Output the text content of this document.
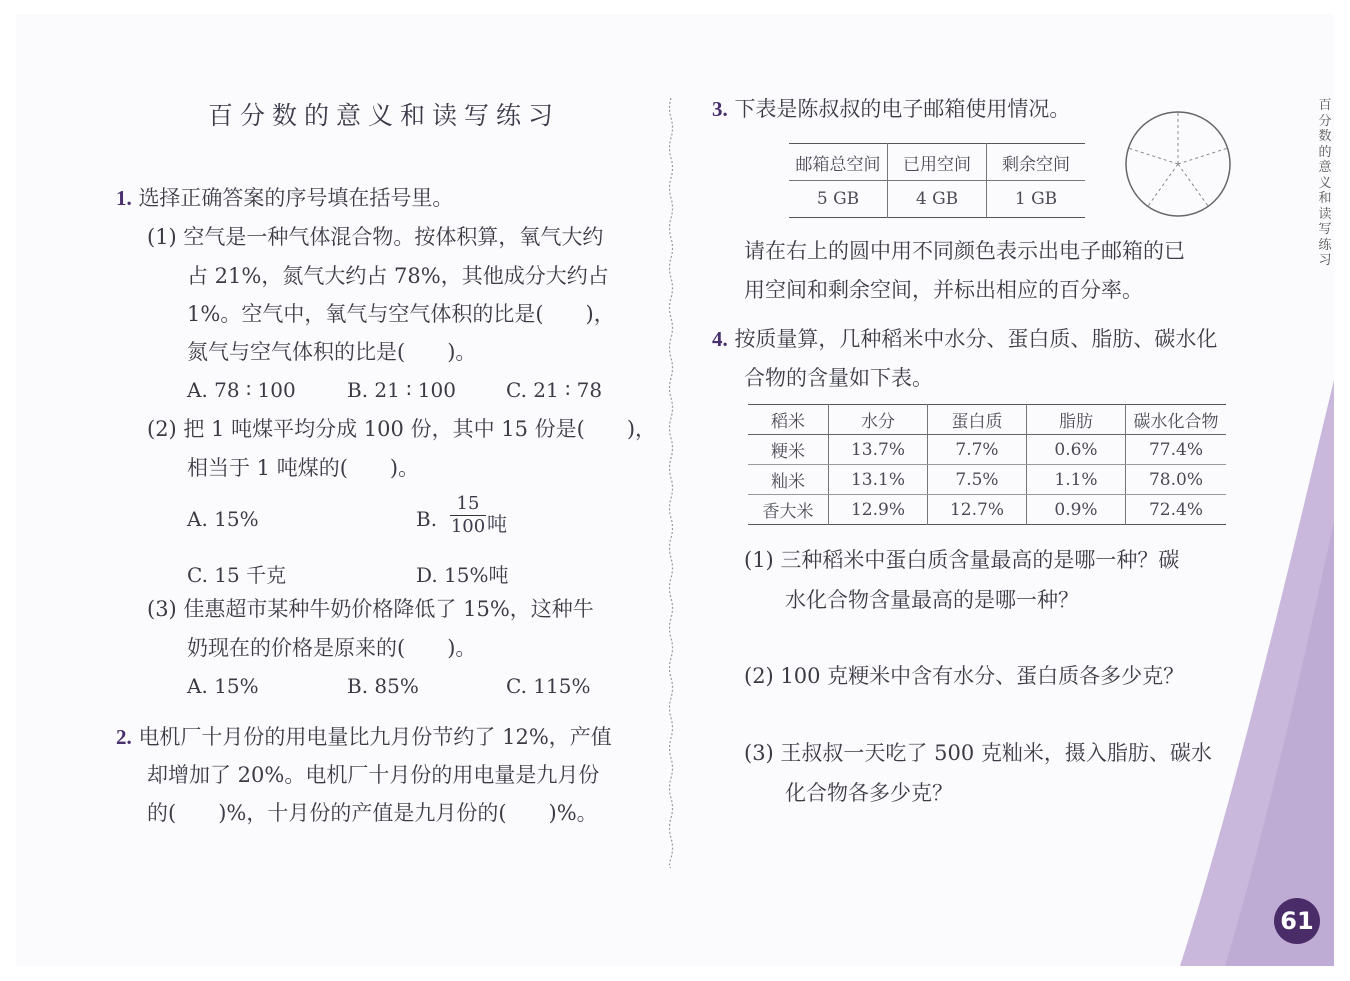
百分数的意义和读写练习
1. 选择正确答案的序号填在括号里。
(1) 空气是一种气体混合物。按体积算，氧气大约
占 21%，氮气大约占 78%，其他成分大约占
1%。空气中，氧气与空气体积的比是(　　)，
氮气与空气体积的比是(　　)。
A. 78 ∶ 100	B. 21 ∶ 100	C. 21 ∶ 78
(2) 把 1 吨煤平均分成 100 份，其中 15 份是(　　)，
相当于 1 吨煤的(　　)。
A. 15%	B.
15
100 吨
C. 15 千克	D. 15%吨
(3) 佳惠超市某种牛奶价格降低了 15%，这种牛
奶现在的价格是原来的(　　)。
A. 15%	B. 85%	C. 115%
2. 电机厂十月份的用电量比九月份节约了 12%，产值
却增加了 20%。电机厂十月份的用电量是九月份
的(　　)%，十月份的产值是九月份的(　　)%。
3. 下表是陈叔叔的电子邮箱使用情况。
邮箱总空间	已用空间	剩余空间
5 GB	4 GB	1 GB
请在右上的圆中用不同颜色表示出电子邮箱的已
用空间和剩余空间，并标出相应的百分率。
4. 按质量算，几种稻米中水分、蛋白质、脂肪、碳水化
合物的含量如下表。
稻米	水分	蛋白质	脂肪	碳水化合物
粳米	13.7%	7.7%	0.6%	77.4%
籼米	13.1%	7.5%	1.1%	78.0%
香大米	12.9%	12.7%	0.9%	72.4%
(1) 三种稻米中蛋白质含量最高的是哪一种？碳
水化合物含量最高的是哪一种？
(2) 100 克粳米中含有水分、蛋白质各多少克？
(3) 王叔叔一天吃了 500 克籼米，摄入脂肪、碳水
化合物各多少克？
百分数的意义和读写练习
61
